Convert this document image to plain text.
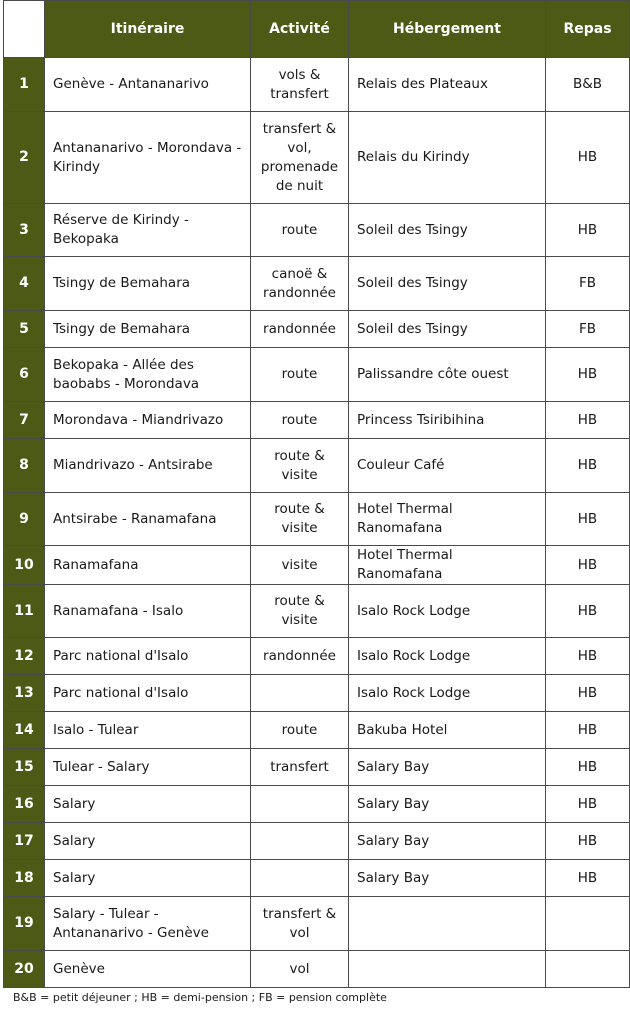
	Itinéraire	Activité	Hébergement	Repas
1	Genève - Antananarivo	vols & transfert	Relais des Plateaux	B&B
2	Antananarivo - Morondava - Kirindy	transfert & vol, promenade de nuit	Relais du Kirindy	HB
3	Réserve de Kirindy - Bekopaka	route	Soleil des Tsingy	HB
4	Tsingy de Bemahara	canoë & randonnée	Soleil des Tsingy	FB
5	Tsingy de Bemahara	randonnée	Soleil des Tsingy	FB
6	Bekopaka - Allée des baobabs - Morondava	route	Palissandre côte ouest	HB
7	Morondava - Miandrivazo	route	Princess Tsiribihina	HB
8	Miandrivazo - Antsirabe	route & visite	Couleur Café	HB
9	Antsirabe - Ranamafana	route & visite	Hotel Thermal Ranomafana	HB
10	Ranamafana	visite	Hotel Thermal Ranomafana	HB
11	Ranamafana - Isalo	route & visite	Isalo Rock Lodge	HB
12	Parc national d'Isalo	randonnée	Isalo Rock Lodge	HB
13	Parc national d'Isalo		Isalo Rock Lodge	HB
14	Isalo - Tulear	route	Bakuba Hotel	HB
15	Tulear - Salary	transfert	Salary Bay	HB
16	Salary		Salary Bay	HB
17	Salary		Salary Bay	HB
18	Salary		Salary Bay	HB
19	Salary - Tulear - Antananarivo - Genève	transfert & vol		
20	Genève	vol		
B&B = petit déjeuner ; HB = demi-pension ; FB = pension complète
